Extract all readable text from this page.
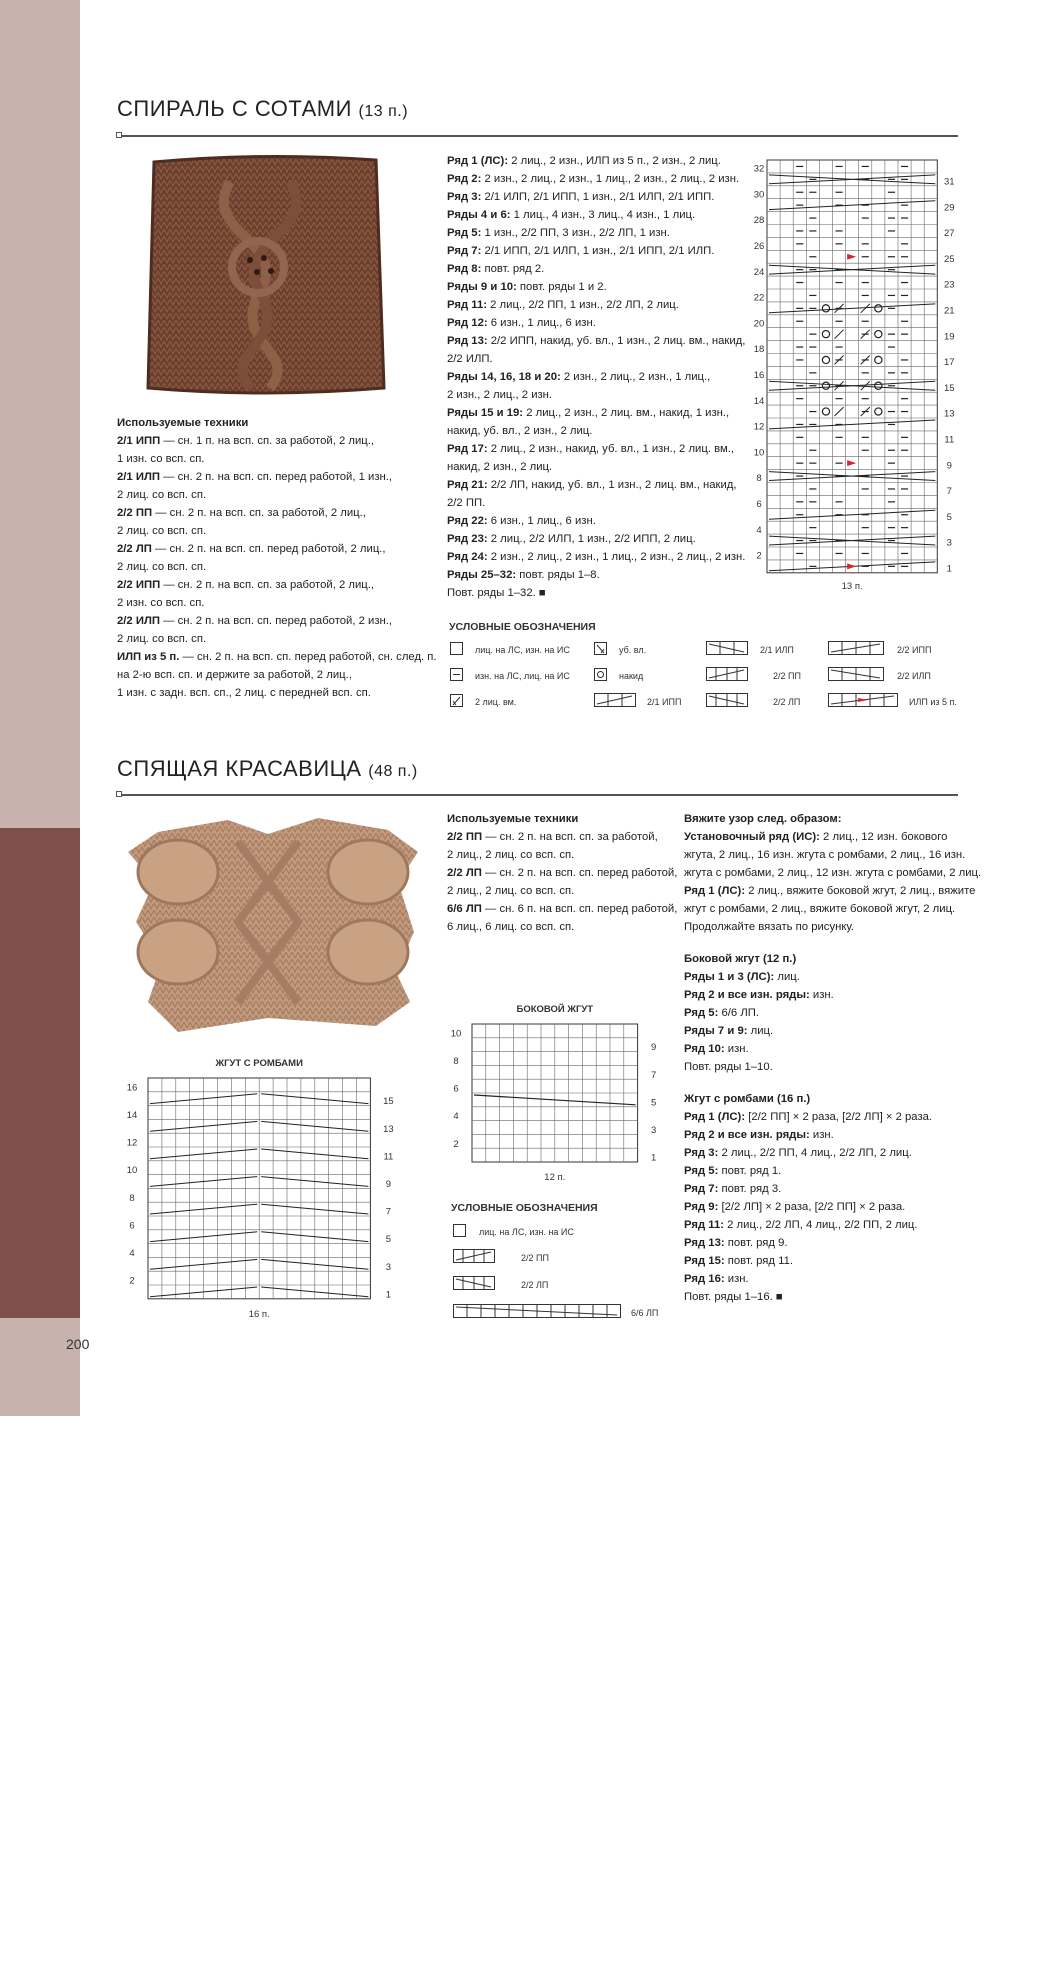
ГЛАВА 3 • ЖГУТЫ
200
СПИРАЛЬ С СОТАМИ (13 п.)

Используемые техники

2/1 ИПП — сн. 1 п. на всп. сп. за работой, 2 лиц.,

1 изн. со всп. сп.

2/1 ИЛП — сн. 2 п. на всп. сп. перед работой, 1 изн.,

2 лиц. со всп. сп.

2/2 ПП — сн. 2 п. на всп. сп. за работой, 2 лиц.,

2 лиц. со всп. сп.

2/2 ЛП — сн. 2 п. на всп. сп. перед работой, 2 лиц.,

2 лиц. со всп. сп.

2/2 ИПП — сн. 2 п. на всп. сп. за работой, 2 лиц.,

2 изн. со всп. сп.

2/2 ИЛП — сн. 2 п. на всп. сп. перед работой, 2 изн.,

2 лиц. со всп. сп.

ИЛП из 5 п. — сн. 2 п. на всп. сп. перед работой, сн. след. п.

на 2-ю всп. сп. и держите за работой, 2 лиц.,

1 изн. с задн. всп. сп., 2 лиц. с передней всп. сп.

Ряд 1 (ЛС): 2 лиц., 2 изн., ИЛП из 5 п., 2 изн., 2 лиц.

Ряд 2: 2 изн., 2 лиц., 2 изн., 1 лиц., 2 изн., 2 лиц., 2 изн.

Ряд 3: 2/1 ИЛП, 2/1 ИПП, 1 изн., 2/1 ИЛП, 2/1 ИПП.

Ряды 4 и 6: 1 лиц., 4 изн., 3 лиц., 4 изн., 1 лиц.

Ряд 5: 1 изн., 2/2 ПП, 3 изн., 2/2 ЛП, 1 изн.

Ряд 7: 2/1 ИПП, 2/1 ИЛП, 1 изн., 2/1 ИПП, 2/1 ИЛП.

Ряд 8: повт. ряд 2.

Ряды 9 и 10: повт. ряды 1 и 2.

Ряд 11: 2 лиц., 2/2 ПП, 1 изн., 2/2 ЛП, 2 лиц.

Ряд 12: 6 изн., 1 лиц., 6 изн.

Ряд 13: 2/2 ИПП, накид, уб. вл., 1 изн., 2 лиц. вм., накид,

2/2 ИЛП.

Ряды 14, 16, 18 и 20: 2 изн., 2 лиц., 2 изн., 1 лиц.,

2 изн., 2 лиц., 2 изн.

Ряды 15 и 19: 2 лиц., 2 изн., 2 лиц. вм., накид, 1 изн.,

накид, уб. вл., 2 изн., 2 лиц.

Ряд 17: 2 лиц., 2 изн., накид, уб. вл., 1 изн., 2 лиц. вм.,

накид, 2 изн., 2 лиц.

Ряд 21: 2/2 ЛП, накид, уб. вл., 1 изн., 2 лиц. вм., накид,

2/2 ПП.

Ряд 22: 6 изн., 1 лиц., 6 изн.

Ряд 23: 2 лиц., 2/2 ИЛП, 1 изн., 2/2 ИПП, 2 лиц.

Ряд 24: 2 изн., 2 лиц., 2 изн., 1 лиц., 2 изн., 2 лиц., 2 изн.

Ряды 25–32: повт. ряды 1–8.

Повт. ряды 1–32. ■

32
30
28
26
24
22
20
18
16
14
12
10
8
6
4
2
31
29
27
25
23
21
19
17
15
13
11
9
7
5
3
1
13 п.
УСЛОВНЫЕ ОБОЗНАЧЕНИЯ
лиц. на ЛС, изн. на ИС
изн. на ЛС, лиц. на ИС
2 лиц. вм.
уб. вл.
накид
2/1 ИПП
2/1 ИЛП
2/2 ПП
2/2 ЛП
2/2 ИПП
2/2 ИЛП
ИЛП из 5 п.
СПЯЩАЯ КРАСАВИЦА (48 п.)

Используемые техники

2/2 ПП — сн. 2 п. на всп. сп. за работой,

2 лиц., 2 лиц. со всп. сп.

2/2 ЛП — сн. 2 п. на всп. сп. перед работой,

2 лиц., 2 лиц. со всп. сп.

6/6 ЛП — сн. 6 п. на всп. сп. перед работой,

6 лиц., 6 лиц. со всп. сп.

Вяжите узор след. образом:

Установочный ряд (ИС): 2 лиц., 12 изн. бокового

жгута, 2 лиц., 16 изн. жгута с ромбами, 2 лиц., 16 изн.

жгута с ромбами, 2 лиц., 12 изн. жгута с ромбами, 2 лиц.

Ряд 1 (ЛС): 2 лиц., вяжите боковой жгут, 2 лиц., вяжите

жгут с ромбами, 2 лиц., вяжите боковой жгут, 2 лиц.

Продолжайте вязать по рисунку.

Боковой жгут (12 п.)

Ряды 1 и 3 (ЛС): лиц.

Ряд 2 и все изн. ряды: изн.

Ряд 5: 6/6 ЛП.

Ряды 7 и 9: лиц.

Ряд 10: изн.

Повт. ряды 1–10.

Жгут с ромбами (16 п.)

Ряд 1 (ЛС): [2/2 ПП] × 2 раза, [2/2 ЛП] × 2 раза.

Ряд 2 и все изн. ряды: изн.

Ряд 3: 2 лиц., 2/2 ПП, 4 лиц., 2/2 ЛП, 2 лиц.

Ряд 5: повт. ряд 1.

Ряд 7: повт. ряд 3.

Ряд 9: [2/2 ЛП] × 2 раза, [2/2 ПП] × 2 раза.

Ряд 11: 2 лиц., 2/2 ЛП, 4 лиц., 2/2 ПП, 2 лиц.

Ряд 13: повт. ряд 9.

Ряд 15: повт. ряд 11.

Ряд 16: изн.

Повт. ряды 1–16. ■

ЖГУТ С РОМБАМИ
16
14
12
10
8
6
4
2
15
13
11
9
7
5
3
1
16 п.
БОКОВОЙ ЖГУТ
10
8
6
4
2
9
7
5
3
1
12 п.
УСЛОВНЫЕ ОБОЗНАЧЕНИЯ
лиц. на ЛС, изн. на ИС
2/2 ПП
2/2 ЛП
6/6 ЛП
